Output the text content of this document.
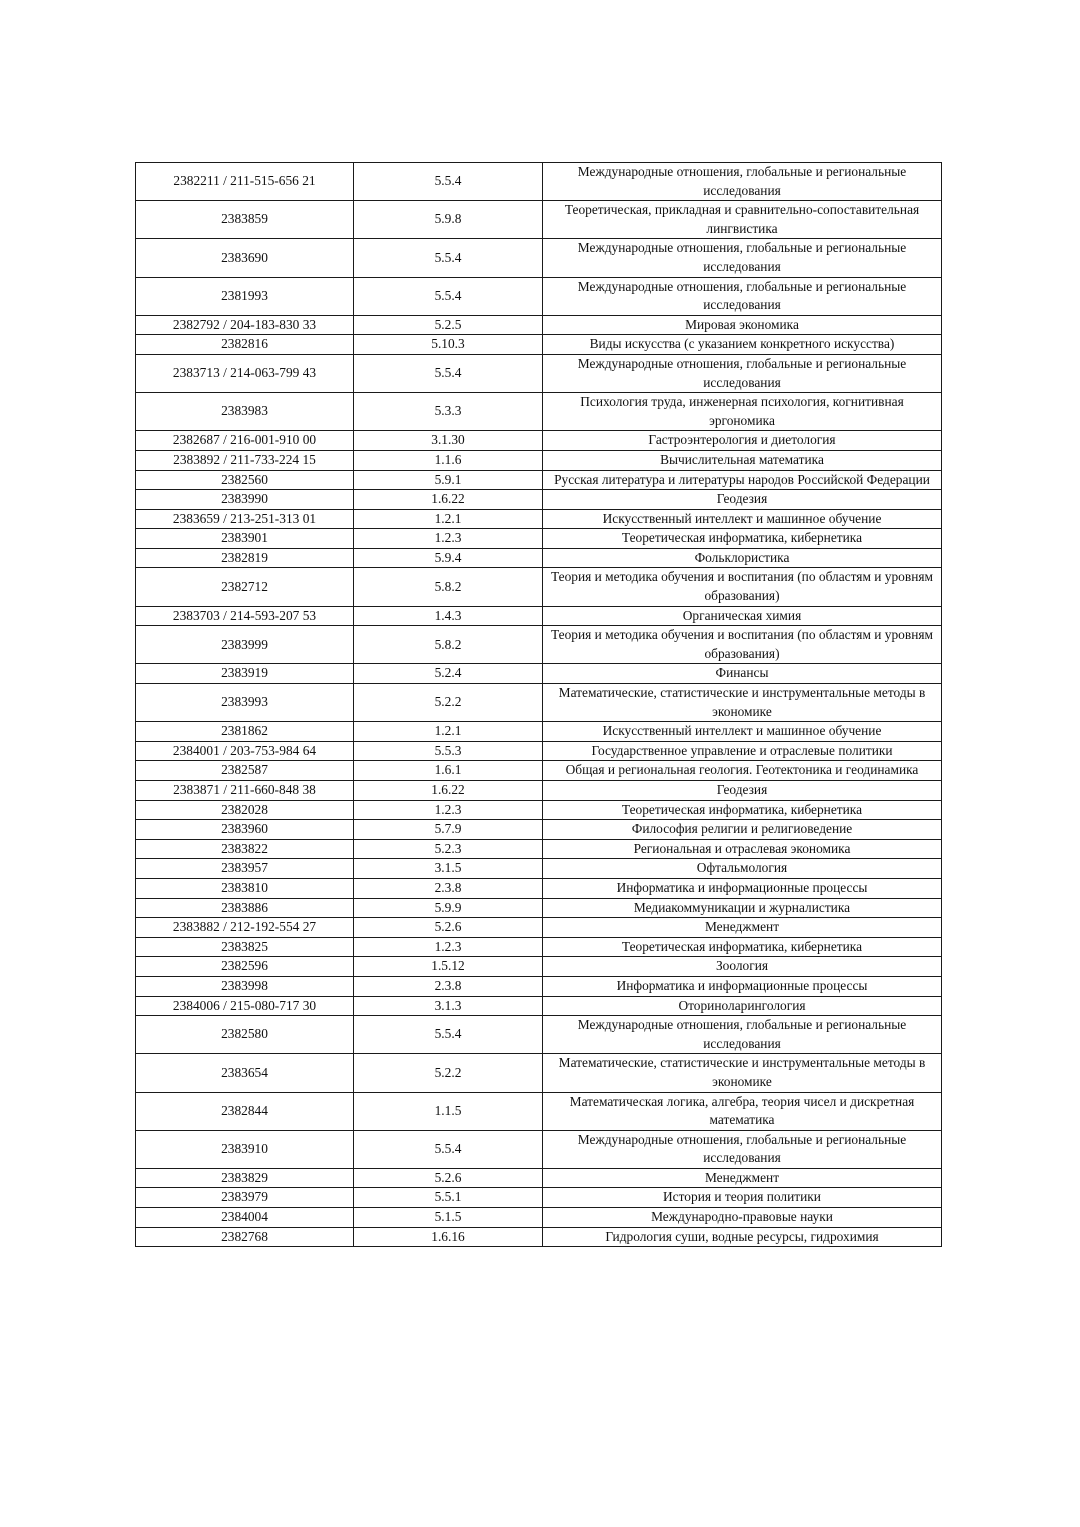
2382211 / 211-515-656 21	5.5.4	Международные отношения, глобальные и региональные исследования
2383859	5.9.8	Теоретическая, прикладная и сравнительно-сопоставительная лингвистика
2383690	5.5.4	Международные отношения, глобальные и региональные исследования
2381993	5.5.4	Международные отношения, глобальные и региональные исследования
2382792 / 204-183-830 33	5.2.5	Мировая экономика
2382816	5.10.3	Виды искусства (с указанием конкретного искусства)
2383713 / 214-063-799 43	5.5.4	Международные отношения, глобальные и региональные исследования
2383983	5.3.3	Психология труда, инженерная психология, когнитивная эргономика
2382687 / 216-001-910 00	3.1.30	Гастроэнтерология и диетология
2383892 / 211-733-224 15	1.1.6	Вычислительная математика
2382560	5.9.1	Русская литература и литературы народов Российской Федерации
2383990	1.6.22	Геодезия
2383659 / 213-251-313 01	1.2.1	Искусственный интеллект и машинное обучение
2383901	1.2.3	Теоретическая информатика, кибернетика
2382819	5.9.4	Фольклористика
2382712	5.8.2	Теория и методика обучения и воспитания (по областям и уровням образования)
2383703 / 214-593-207 53	1.4.3	Органическая химия
2383999	5.8.2	Теория и методика обучения и воспитания (по областям и уровням образования)
2383919	5.2.4	Финансы
2383993	5.2.2	Математические, статистические и инструментальные методы в экономике
2381862	1.2.1	Искусственный интеллект и машинное обучение
2384001 / 203-753-984 64	5.5.3	Государственное управление и отраслевые политики
2382587	1.6.1	Общая и региональная геология. Геотектоника и геодинамика
2383871 / 211-660-848 38	1.6.22	Геодезия
2382028	1.2.3	Теоретическая информатика, кибернетика
2383960	5.7.9	Философия религии и религиоведение
2383822	5.2.3	Региональная и отраслевая экономика
2383957	3.1.5	Офтальмология
2383810	2.3.8	Информатика и информационные процессы
2383886	5.9.9	Медиакоммуникации и журналистика
2383882 / 212-192-554 27	5.2.6	Менеджмент
2383825	1.2.3	Теоретическая информатика, кибернетика
2382596	1.5.12	Зоология
2383998	2.3.8	Информатика и информационные процессы
2384006 / 215-080-717 30	3.1.3	Оториноларингология
2382580	5.5.4	Международные отношения, глобальные и региональные исследования
2383654	5.2.2	Математические, статистические и инструментальные методы в экономике
2382844	1.1.5	Математическая логика, алгебра, теория чисел и дискретная математика
2383910	5.5.4	Международные отношения, глобальные и региональные исследования
2383829	5.2.6	Менеджмент
2383979	5.5.1	История и теория политики
2384004	5.1.5	Международно-правовые науки
2382768	1.6.16	Гидрология суши, водные ресурсы, гидрохимия
